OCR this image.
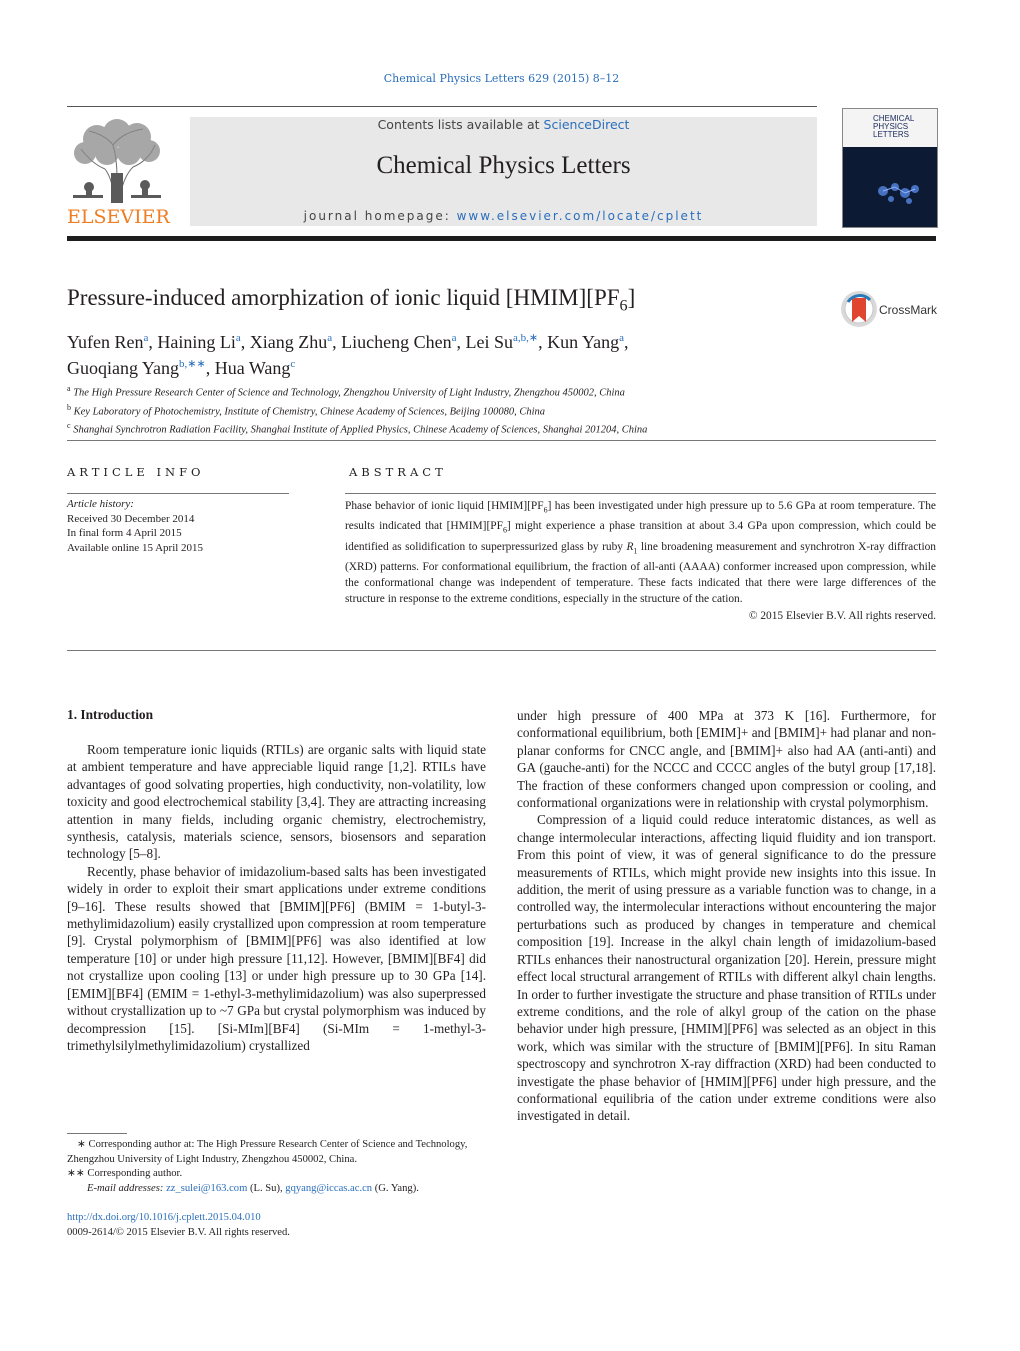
Chemical Physics Letters 629 (2015) 8–12
ELSEVIER
Contents lists available at ScienceDirect
Chemical Physics Letters
journal homepage: www.elsevier.com/locate/cplett
CHEMICAL
PHYSICS
LETTERS
Pressure-induced amorphization of ionic liquid $[HMIM][PF_6]$	CrossMark
Yufen Ren$^a$, Haining Li$^a$, Xiang Zhu$^a$, Liucheng Chen$^a$, Lei $Su^{a,b,∗}$, Kun Yang$^a$,
Guoqiang Yang$^{b,∗∗}$, Hua Wang$^c$
$^a$ The High Pressure Research Center of Science and Technology, Zhengzhou University of Light Industry, Zhengzhou 450002, China
$^b$ Key Laboratory of Photochemistry, Institute of Chemistry, Chinese Academy of Sciences, Beijing 100080, China
$^c$ Shanghai Synchrotron Radiation Facility, Shanghai Institute of Applied Physics, Chinese Academy of Sciences, Shanghai 201204, China
ARTICLE INFO
Article history:
Received 30 December 2014
In final form 4 April 2015
Available online 15 April 2015
ABSTRACT
Phase behavior of ionic liquid $[HMIM][PF_6]$ has been investigated under high pressure up to 5.6 GPa at room temperature. The results indicated that $[HMIM][PF_6]$ might experience a phase transition at about 3.4 GPa upon compression, which could be identified as solidification to superpressurized glass by ruby $R_1$ line broadening measurement and synchrotron X-ray diffraction (XRD) patterns. For conformational equilibrium, the fraction of all-anti (AAAA) conformer increased upon compression, while the conformational change was independent of temperature. These facts indicated that there were large differences of the structure in response to the extreme conditions, especially in the structure of the cation.
© 2015 Elsevier B.V. All rights reserved.
1. Introduction

Room temperature ionic liquids (RTILs) are organic salts with liquid state at ambient temperature and have appreciable liquid range [1,2]. RTILs have advantages of good solvating properties, high conductivity, non-volatility, low toxicity and good electrochemical stability [3,4]. They are attracting increasing attention in many fields, including organic chemistry, electrochemistry, synthesis, catalysis, materials science, sensors, biosensors and separation technology [5–8].

Recently, phase behavior of imidazolium-based salts has been investigated widely in order to exploit their smart applications under extreme conditions [9–16]. These results showed that [BMIM][PF6] (BMIM = 1-butyl-3-methylimidazolium) easily crystallized upon compression at room temperature [9]. Crystal polymorphism of [BMIM][PF6] was also identified at low temperature [10] or under high pressure [11,12]. However, [BMIM][BF4] did not crystallize upon cooling [13] or under high pressure up to 30 GPa [14]. [EMIM][BF4] (EMIM = 1-ethyl-3-methylimidazolium) was also superpressed without crystallization up to ~7 GPa but crystal polymorphism was induced by decompression [15]. [Si-MIm][BF4] (Si-MIm = 1-methyl-3-trimethylsilylmethylimidazolium) crystallized

under high pressure of 400 MPa at 373 K [16]. Furthermore, for conformational equilibrium, both [EMIM]+ and [BMIM]+ had planar and non-planar conforms for CNCC angle, and [BMIM]+ also had AA (anti-anti) and GA (gauche-anti) for the NCCC and CCCC angles of the butyl group [17,18]. The fraction of these conformers changed upon compression or cooling, and conformational organizations were in relationship with crystal polymorphism.

Compression of a liquid could reduce interatomic distances, as well as change intermolecular interactions, affecting liquid fluidity and ion transport. From this point of view, it was of general significance to do the pressure measurements of RTILs, which might provide new insights into this issue. In addition, the merit of using pressure as a variable function was to change, in a controlled way, the intermolecular interactions without encountering the major perturbations such as produced by changes in temperature and chemical composition [19]. Increase in the alkyl chain length of imidazolium-based RTILs enhances their nanostructural organization [20]. Herein, pressure might effect local structural arrangement of RTILs with different alkyl chain lengths. In order to further investigate the structure and phase transition of RTILs under extreme conditions, and the role of alkyl group of the cation on the phase behavior under high pressure, [HMIM][PF6] was selected as an object in this work, which was similar with the structure of [BMIM][PF6]. In situ Raman spectroscopy and synchrotron X-ray diffraction (XRD) had been conducted to investigate the phase behavior of [HMIM][PF6] under high pressure, and the conformational equilibria of the cation under extreme conditions were also investigated in detail.

∗ Corresponding author at: The High Pressure Research Center of Science and Technology, Zhengzhou University of Light Industry, Zhengzhou 450002, China.
∗∗ Corresponding author.
E-mail addresses: zz_sulei@163.com (L. Su), gqyang@iccas.ac.cn (G. Yang).
http://dx.doi.org/10.1016/j.cplett.2015.04.010
0009-2614/© 2015 Elsevier B.V. All rights reserved.
